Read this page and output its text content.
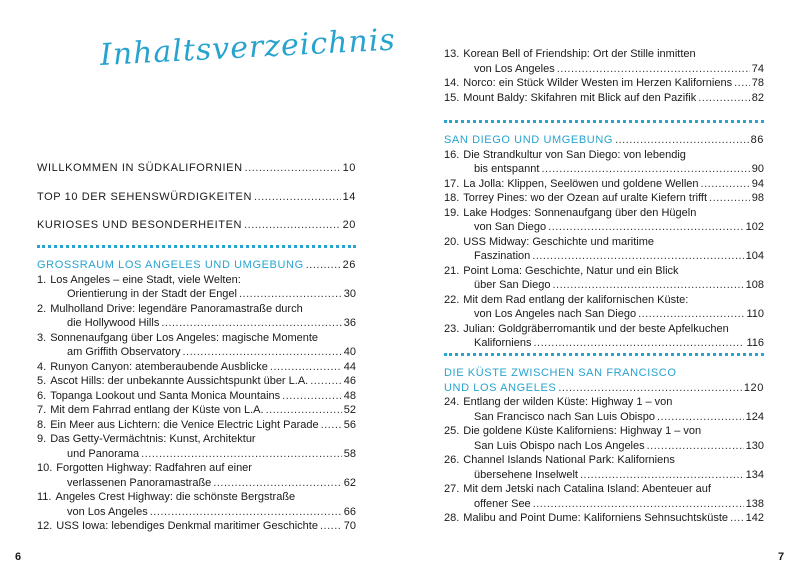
Inhaltsverzeichnis
WILLKOMMEN IN SÜDKALIFORNIEN .....	10
TOP 10 DER SEHENSWÜRDIGKEITEN .....	14
KURIOSES UND BESONDERHEITEN .....	20
GROSSRAUM LOS ANGELES UND UMGEBUNG .....	26
1. Los Angeles – eine Stadt, viele Welten:
Orientierung in der Stadt der Engel .....	30
2. Mulholland Drive: legendäre Panoramastraße durch
die Hollywood Hills .....	36
3. Sonnenaufgang über Los Angeles: magische Momente
am Griffith Observatory .....	40
4. Runyon Canyon: atemberaubende Ausblicke .....	44
5. Ascot Hills: der unbekannte Aussichtspunkt über L.A. .....	46
6. Topanga Lookout und Santa Monica Mountains .....	48
7. Mit dem Fahrrad entlang der Küste von L.A. .....	52
8. Ein Meer aus Lichtern: die Venice Electric Light Parade ..... 56
9. Das Getty-Vermächtnis: Kunst, Architektur
und Panorama .....	58
10. Forgotten Highway: Radfahren auf einer
verlassenen Panoramastraße .....	62
11. Angeles Crest Highway: die schönste Bergstraße
von Los Angeles .....	66
12. USS Iowa: lebendiges Denkmal maritimer Geschichte ..... 70
13. Korean Bell of Friendship: Ort der Stille inmitten
von Los Angeles .....	74
14. Norco: ein Stück Wilder Westen im Herzen Kaliforniens ..... 78
15. Mount Baldy: Skifahren mit Blick auf den Pazifik .....	82
SAN DIEGO UND UMGEBUNG .....	86
16. Die Strandkultur von San Diego: von lebendig
bis entspannt .....	90
17. La Jolla: Klippen, Seelöwen und goldene Wellen .....	94
18. Torrey Pines: wo der Ozean auf uralte Kiefern trifft .....	98
19. Lake Hodges: Sonnenaufgang über den Hügeln
von San Diego .....	102
20. USS Midway: Geschichte und maritime
Faszination .....	104
21. Point Loma: Geschichte, Natur und ein Blick
über San Diego .....	108
22. Mit dem Rad entlang der kalifornischen Küste:
von Los Angeles nach San Diego .....	110
23. Julian: Goldgräberromantik und der beste Apfelkuchen
Kaliforniens .....	116
DIE KÜSTE ZWISCHEN SAN FRANCISCO
UND LOS ANGELES .....	120
24. Entlang der wilden Küste: Highway 1 – von
San Francisco nach San Luis Obispo .....	124
25. Die goldene Küste Kaliforniens: Highway 1 – von
San Luis Obispo nach Los Angeles .....	130
26. Channel Islands National Park: Kaliforniens
übersehene Inselwelt .....	134
27. Mit dem Jetski nach Catalina Island: Abenteuer auf
offener See .....	138
28. Malibu and Point Dume: Kaliforniens Sehnsuchtsküste ..... 142
6	7
